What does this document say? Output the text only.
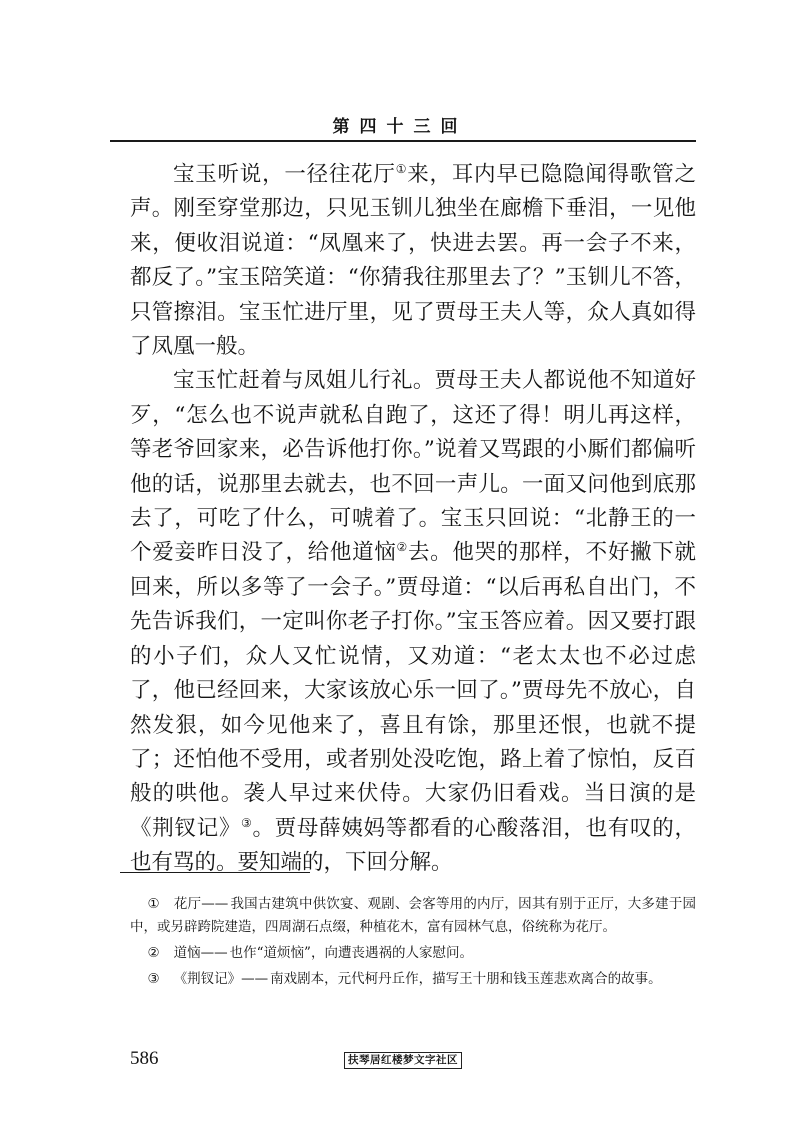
第四十三回

宝玉听说，一径往花厅①来，耳内早已隐隐闻得歌管之声。刚至穿堂那边，只见玉钏儿独坐在廊檐下垂泪，一见他来，便收泪说道：“凤凰来了，快进去罢。再一会子不来，都反了。”宝玉陪笑道：“你猜我往那里去了？”玉钏儿不答，只管擦泪。宝玉忙进厅里，见了贾母王夫人等，众人真如得了凤凰一般。

宝玉忙赶着与凤姐儿行礼。贾母王夫人都说他不知道好歹，“怎么也不说声就私自跑了，这还了得！明儿再这样，等老爷回家来，必告诉他打你。”说着又骂跟的小厮们都偏听他的话，说那里去就去，也不回一声儿。一面又问他到底那去了，可吃了什么，可唬着了。宝玉只回说：“北静王的一个爱妾昨日没了，给他道恼②去。他哭的那样，不好撇下就回来，所以多等了一会子。”贾母道：“以后再私自出门，不先告诉我们，一定叫你老子打你。”宝玉答应着。因又要打跟的小子们，众人又忙说情，又劝道：“老太太也不必过虑了，他已经回来，大家该放心乐一回了。”贾母先不放心，自然发狠，如今见他来了，喜且有馀，那里还恨，也就不提了；还怕他不受用，或者别处没吃饱，路上着了惊怕，反百般的哄他。袭人早过来伏侍。大家仍旧看戏。当日演的是《荆钗记》③。贾母薛姨妈等都看的心酸落泪，也有叹的，也有骂的。要知端的，下回分解。

① 花厅—— 我国古建筑中供饮宴、观剧、会客等用的内厅，因其有别于正厅，大多建于园中，或另辟跨院建造，四周湖石点缀，种植花木，富有园林气息，俗统称为花厅。

② 道恼—— 也作“道烦恼”，向遭丧遇祸的人家慰问。

③ 《荆钗记》—— 南戏剧本，元代柯丹丘作，描写王十朋和钱玉莲悲欢离合的故事。

586	扶琴居红楼梦文字社区
